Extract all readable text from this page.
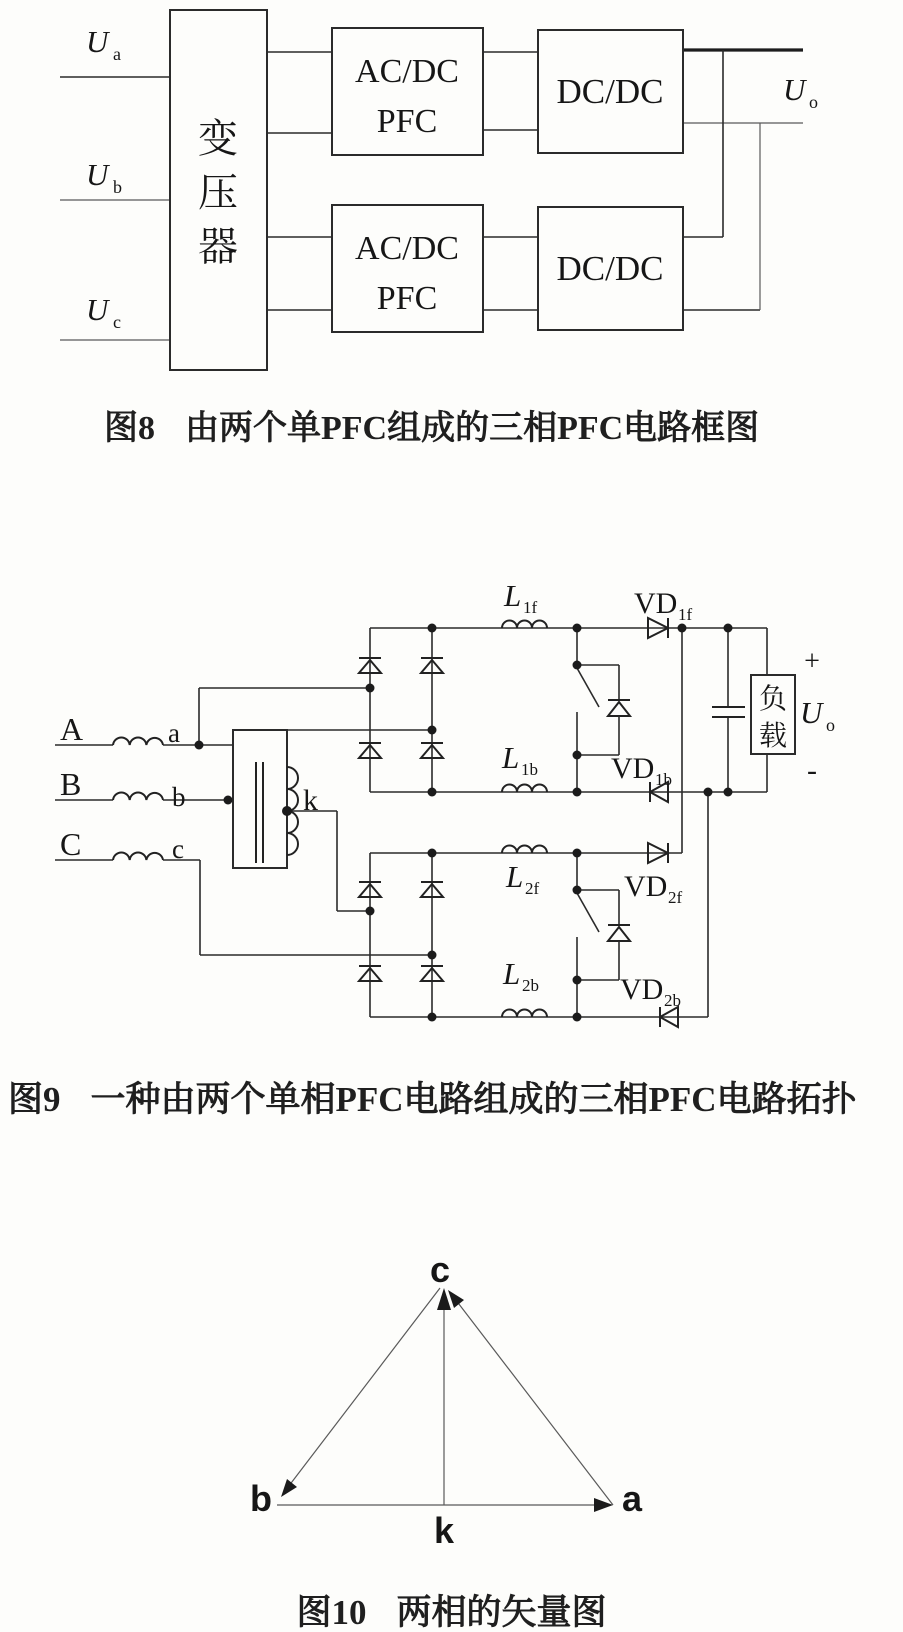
变
压
器
U a
U b
U c
AC/DC
PFC
DC/DC
AC/DC
PFC
DC/DC
U o
图8 由两个单PFC组成的三相PFC电路框图
负
载
A
B
C
a
b
c
k
L 1f
L 1b
L 2f
L 2b
VD 1f
VD 1b
VD 2f
VD 2b
+
U o
-
图9 一种由两个单相PFC电路组成的三相PFC电路拓扑
c
b	a
k
图10 两相的矢量图
